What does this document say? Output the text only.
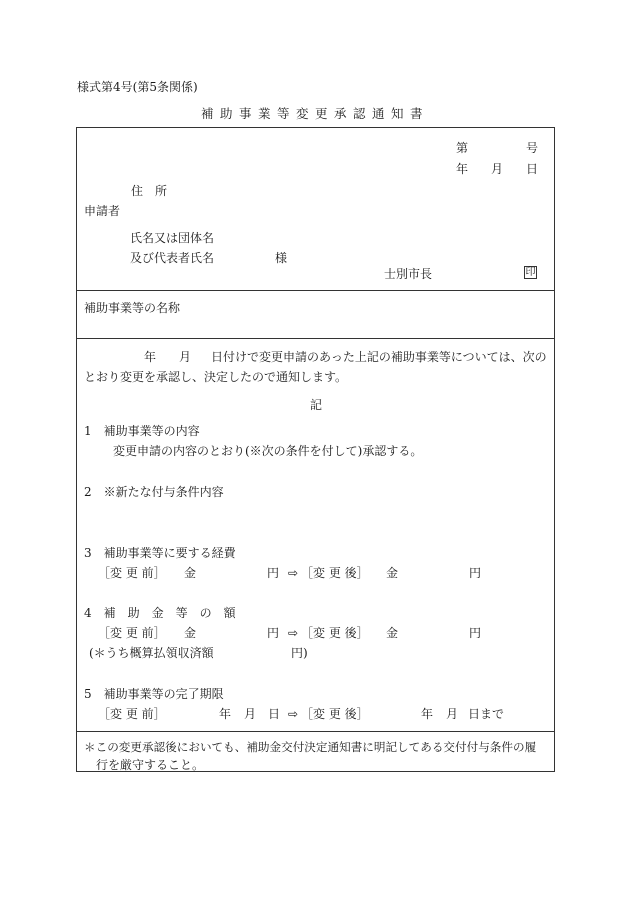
様式第4号(第5条関係)
補助事業等変更承認通知書
第	号
年 月 日
住　所
申請者
氏名又は団体名
及び代表者氏名	様
士別市長	印
補助事業等の名称
年 月 日付けで変更申請のあった上記の補助事業等については、次の
とおり変更を承認し、決定したので通知します。
記
1　補助事業等の内容
変更申請の内容のとおり(※次の条件を付して)承認する。
2　※新たな付与条件内容
3　補助事業等に要する経費
［変 更 前］ 金	円 ⇨ ［変 更 後］ 金	円
4　補　助　金　等　の　額
［変 更 前］ 金	円 ⇨ ［変 更 後］ 金	円
(＊うち概算払領収済額	円)
5　補助事業等の完了期限
［変 更 前］	年 月 日 ⇨ ［変 更 後］	年 月 日まで
＊この変更承認後においても、補助金交付決定通知書に明記してある交付付与条件の履
行を厳守すること。
